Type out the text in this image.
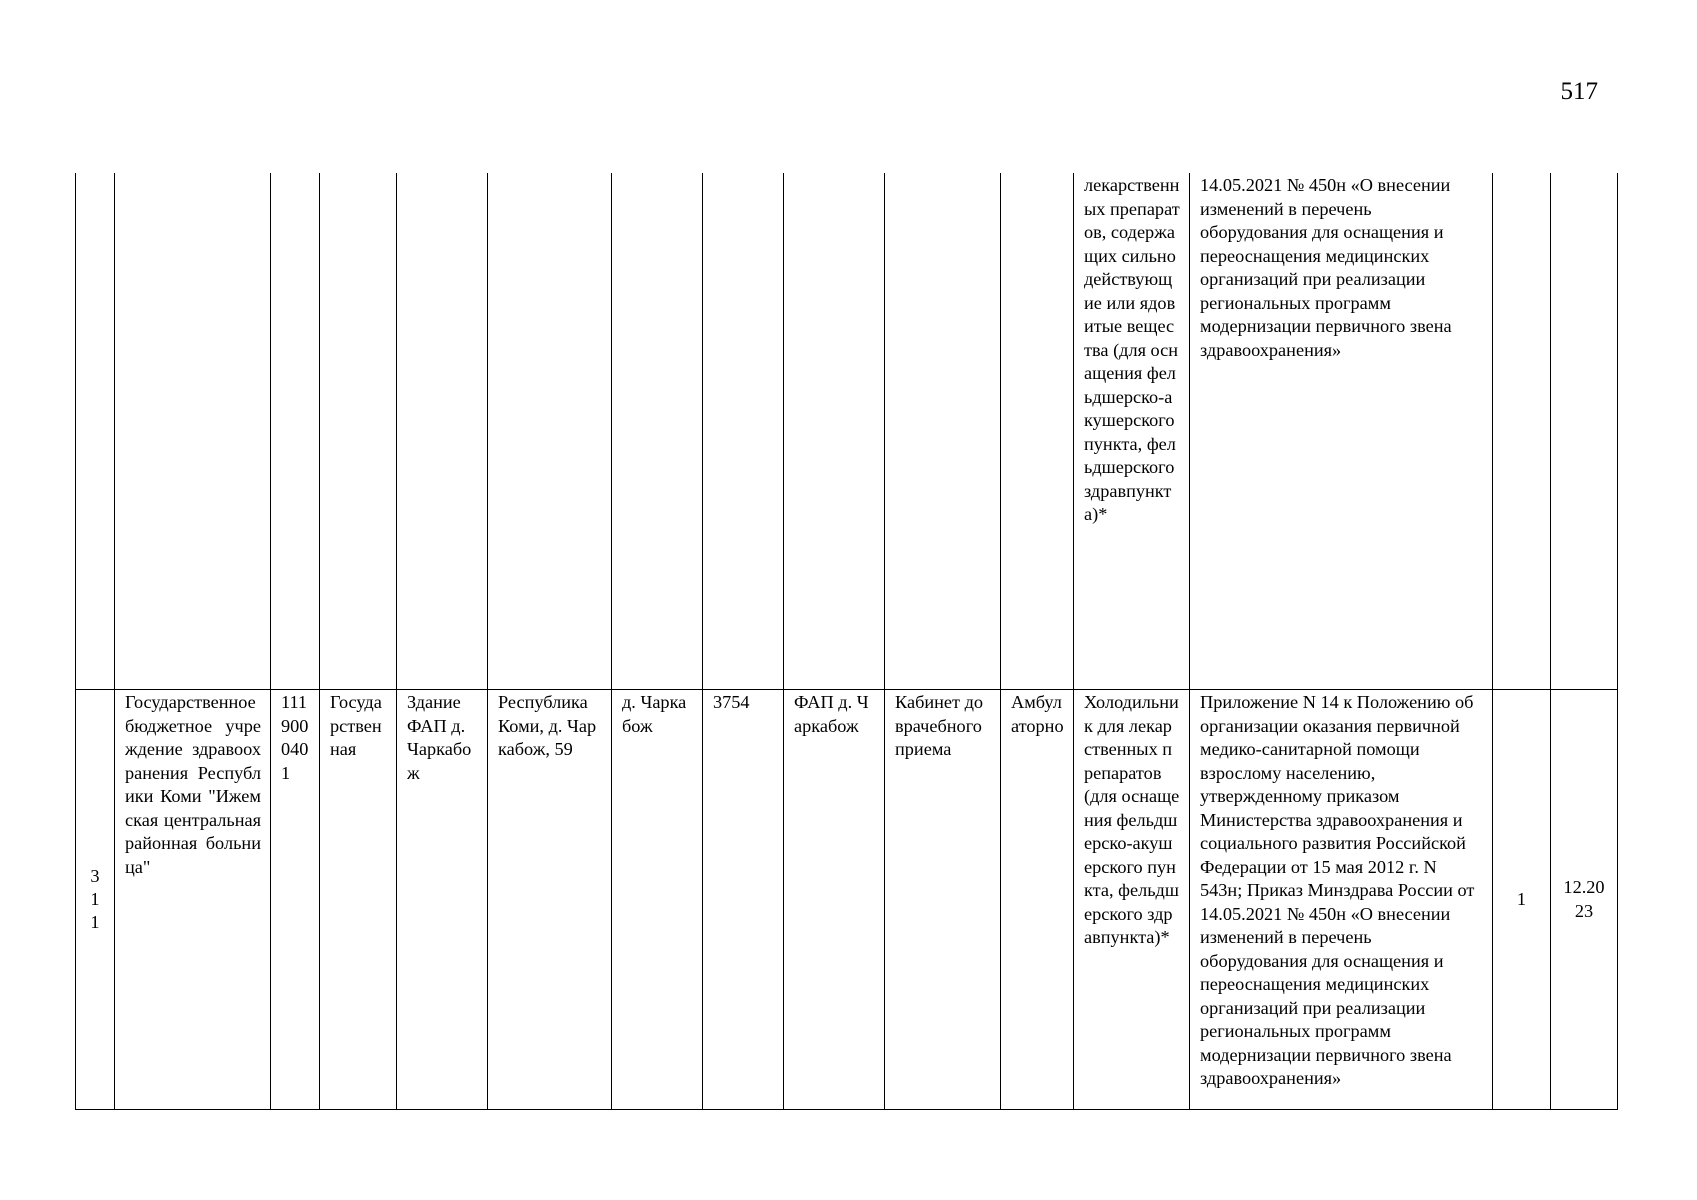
517
											лекарственных препаратов, содержащих сильнодействующие или ядовитые вещества (для оснащения фельдшерско-акушерского пункта, фельдшерского здравпункта)*	14.05.2021 № 450н «О внесении изменений в перечень оборудования для оснащения и переоснащения медицинских организаций при реализации региональных программ модернизации первичного звена здравоохранения»		

311	Государственное бюджетное учреждение здравоохранения Республики Коми "Ижемская центральная районная больница"	1119000401	Государственная	Здание ФАП д. Чаркабож	Республика Коми, д. Чаркабож, 59	д. Чаркабож	3754	ФАП д. Чаркабож	Кабинет доврачебного приема	Амбулаторно	Холодильник для лекарственных препаратов (для оснащения фельдшерско-акушерского пункта, фельдшерского здравпункта)*	Приложение N 14 к Положению об организации оказания первичной медико-санитарной помощи взрослому населению, утвержденному приказом Министерства здравоохранения и социального развития Российской Федерации от 15 мая 2012 г. N 543н; Приказ Минздрава России от 14.05.2021 № 450н «О внесении изменений в перечень оборудования для оснащения и переоснащения медицинских организаций при реализации региональных программ модернизации первичного звена здравоохранения»	1	12.2023
